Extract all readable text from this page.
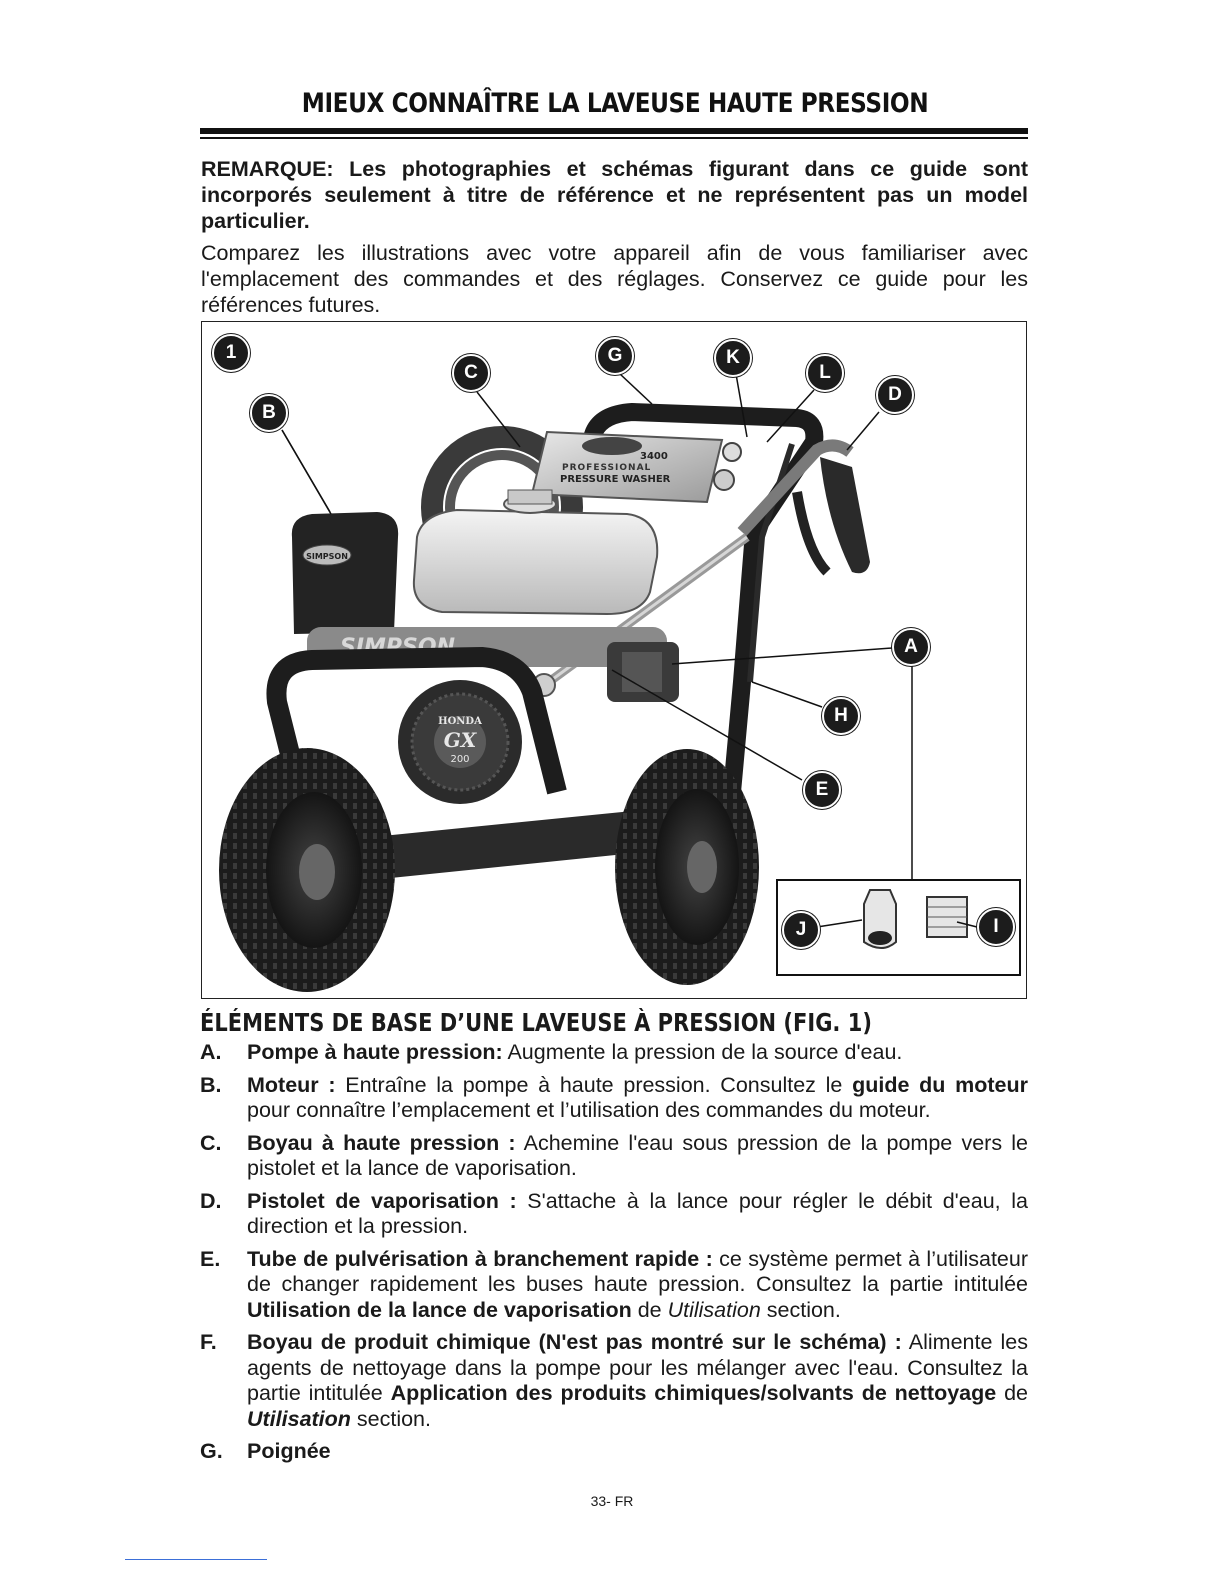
MIEUX CONNAÎTRE LA LAVEUSE HAUTE PRESSION
REMARQUE: Les photographies et schémas figurant dans ce guide sont incorporés seulement à titre de référence et ne représentent pas un model particulier.
Comparez les illustrations avec votre appareil afin de vous familiariser avec l'emplacement des commandes et des réglages. Conservez ce guide pour les références futures.
3400
PROFESSIONAL
PRESSURE WASHER
SIMPSON
SIMPSON
HONDA
GX
200
1
B
C
G	K
L
D
A
H
E
J	I
ÉLÉMENTS DE BASE D’UNE LAVEUSE À PRESSION (FIG. 1)
A. Pompe à haute pression: Augmente la pression de la source d'eau.
B. Moteur : Entraîne la pompe à haute pression. Consultez le guide du moteur pour connaître l’emplacement et l’utilisation des commandes du moteur.
C. Boyau à haute pression : Achemine l'eau sous pression de la pompe vers le pistolet et la lance de vaporisation.
D. Pistolet de vaporisation : S'attache à la lance pour régler le débit d'eau, la direction et la pression.
E. Tube de pulvérisation à branchement rapide : ce système permet à l’utilisateur de changer rapidement les buses haute pression. Consultez la partie intitulée Utilisation de la lance de vaporisation de Utilisation section.
F. Boyau de produit chimique (N'est pas montré sur le schéma) : Alimente les agents de nettoyage dans la pompe pour les mélanger avec l'eau. Consultez la partie intitulée Application des produits chimiques/solvants de nettoyage de Utilisation section.
G. Poignée
33- FR
